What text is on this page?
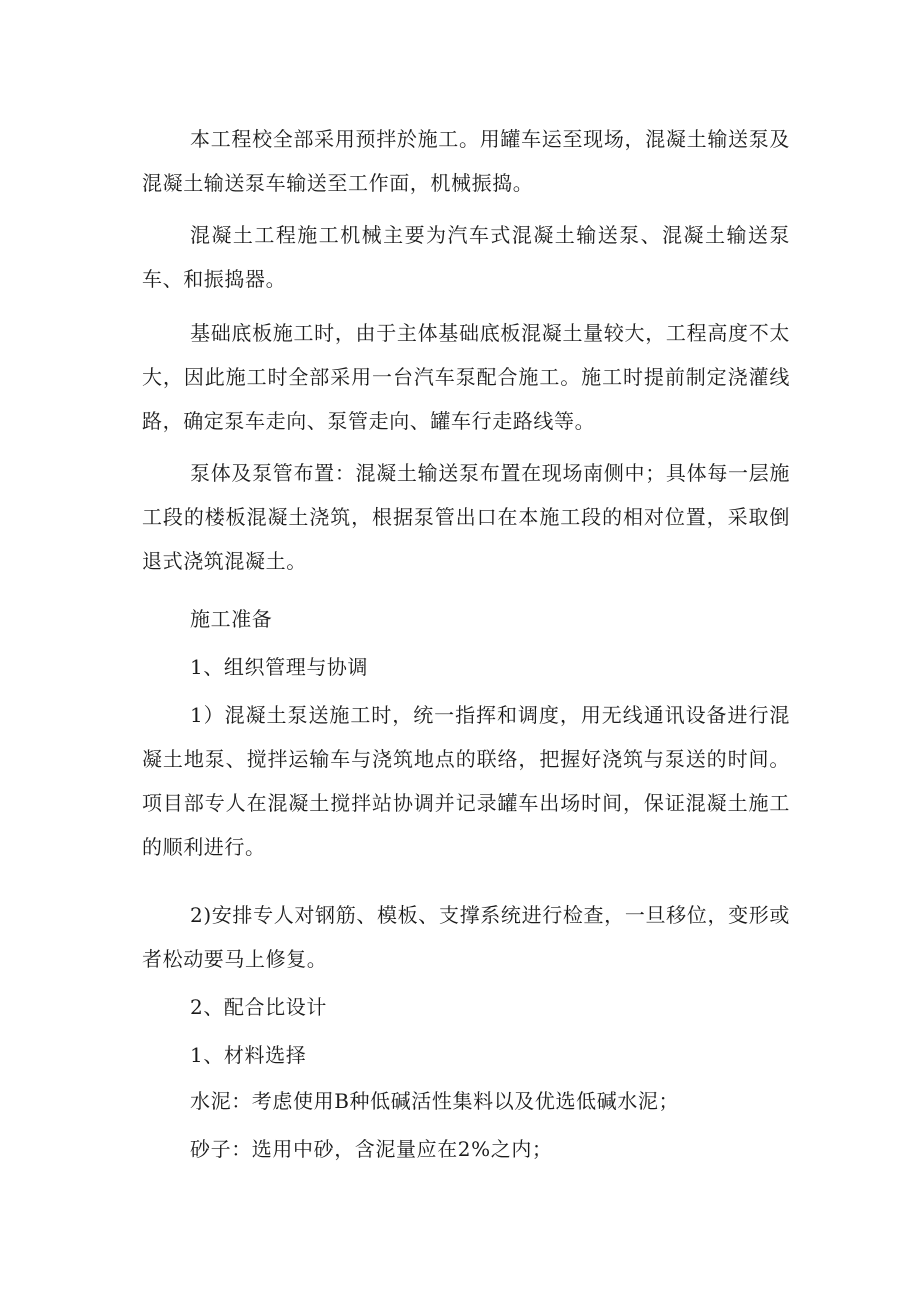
本工程校全部采用预拌於施工。用罐车运至现场，混凝土输送泵及混凝土输送泵车输送至工作面，机械振捣。

混凝土工程施工机械主要为汽车式混凝土输送泵、混凝土输送泵车、和振捣器。

基础底板施工时，由于主体基础底板混凝土量较大，工程高度不太大，因此施工时全部采用一台汽车泵配合施工。施工时提前制定浇灌线路，确定泵车走向、泵管走向、罐车行走路线等。

泵体及泵管布置：混凝土输送泵布置在现场南侧中；具体每一层施工段的楼板混凝土浇筑，根据泵管出口在本施工段的相对位置，采取倒退式浇筑混凝土。

施工准备

1、组织管理与协调

1）混凝土泵送施工时，统一指挥和调度，用无线通讯设备进行混凝土地泵、搅拌运输车与浇筑地点的联络，把握好浇筑与泵送的时间。项目部专人在混凝土搅拌站协调并记录罐车出场时间，保证混凝土施工的顺利进行。

2)安排专人对钢筋、模板、支撑系统进行检查，一旦移位，变形或者松动要马上修复。

2、配合比设计

1、材料选择

水泥：考虑使用B种低碱活性集料以及优选低碱水泥；

砂子：选用中砂，含泥量应在2%之内；
